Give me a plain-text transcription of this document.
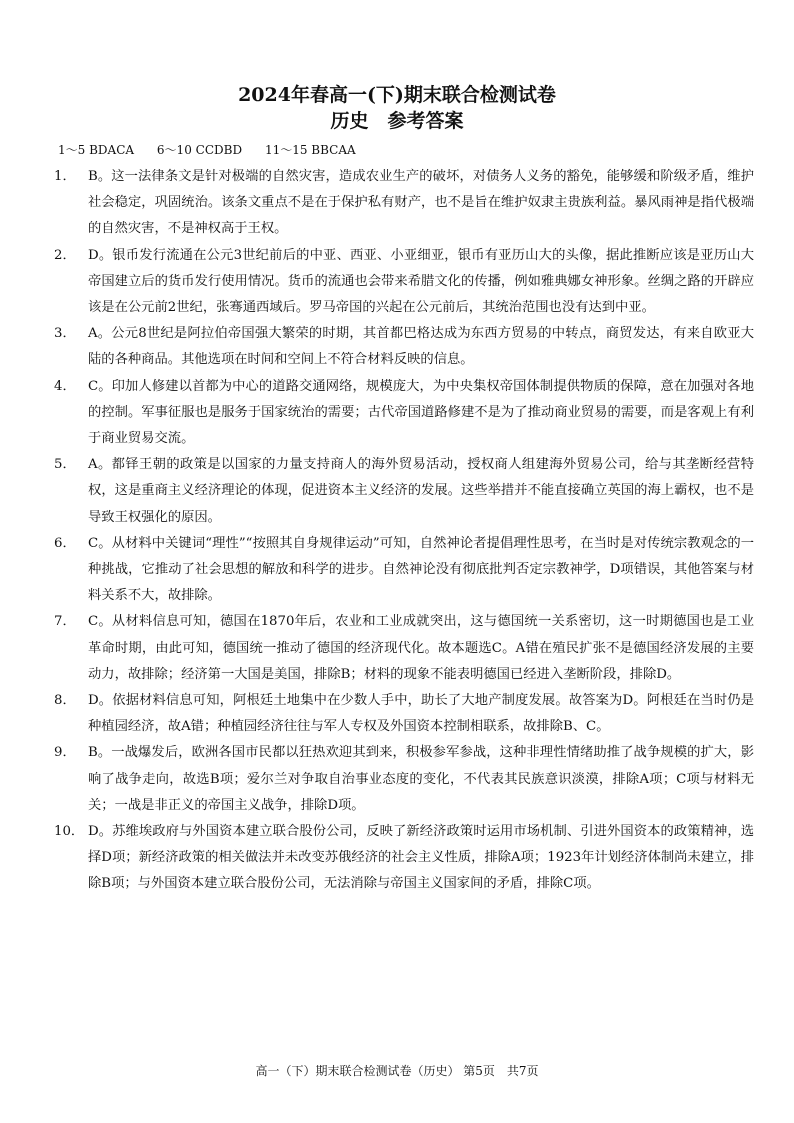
2024年春高一(下)期末联合检测试卷
历史　参考答案
1～5 BDACA      6～10 CCDBD      11～15 BBCAA
1． B。这一法律条文是针对极端的自然灾害，造成农业生产的破坏，对债务人义务的豁免，能够缓和阶级矛盾，维护社会稳定，巩固统治。该条文重点不是在于保护私有财产，也不是旨在维护奴隶主贵族利益。暴风雨神是指代极端的自然灾害，不是神权高于王权。
2． D。银币发行流通在公元3世纪前后的中亚、西亚、小亚细亚，银币有亚历山大的头像，据此推断应该是亚历山大帝国建立后的货币发行使用情况。货币的流通也会带来希腊文化的传播，例如雅典娜女神形象。丝绸之路的开辟应该是在公元前2世纪，张骞通西域后。罗马帝国的兴起在公元前后，其统治范围也没有达到中亚。
3． A。公元8世纪是阿拉伯帝国强大繁荣的时期，其首都巴格达成为东西方贸易的中转点，商贸发达，有来自欧亚大陆的各种商品。其他选项在时间和空间上不符合材料反映的信息。
4． C。印加人修建以首都为中心的道路交通网络，规模庞大，为中央集权帝国体制提供物质的保障，意在加强对各地的控制。军事征服也是服务于国家统治的需要；古代帝国道路修建不是为了推动商业贸易的需要，而是客观上有利于商业贸易交流。
5． A。都铎王朝的政策是以国家的力量支持商人的海外贸易活动，授权商人组建海外贸易公司，给与其垄断经营特权，这是重商主义经济理论的体现，促进资本主义经济的发展。这些举措并不能直接确立英国的海上霸权，也不是导致王权强化的原因。
6． C。从材料中关键词“理性”“按照其自身规律运动”可知，自然神论者提倡理性思考，在当时是对传统宗教观念的一种挑战，它推动了社会思想的解放和科学的进步。自然神论没有彻底批判否定宗教神学，D项错误，其他答案与材料关系不大，故排除。
7． C。从材料信息可知，德国在1870年后，农业和工业成就突出，这与德国统一关系密切，这一时期德国也是工业革命时期，由此可知，德国统一推动了德国的经济现代化。故本题选C。A错在殖民扩张不是德国经济发展的主要动力，故排除；经济第一大国是美国，排除B；材料的现象不能表明德国已经进入垄断阶段，排除D。
8． D。依据材料信息可知，阿根廷土地集中在少数人手中，助长了大地产制度发展。故答案为D。阿根廷在当时仍是种植园经济，故A错；种植园经济往往与军人专权及外国资本控制相联系，故排除B、C。
9． B。一战爆发后，欧洲各国市民都以狂热欢迎其到来，积极参军参战，这种非理性情绪助推了战争规模的扩大，影响了战争走向，故选B项；爱尔兰对争取自治事业态度的变化，不代表其民族意识淡漠，排除A项；C项与材料无关；一战是非正义的帝国主义战争，排除D项。
10． D。苏维埃政府与外国资本建立联合股份公司，反映了新经济政策时运用市场机制、引进外国资本的政策精神，选择D项；新经济政策的相关做法并未改变苏俄经济的社会主义性质，排除A项；1923年计划经济体制尚未建立，排除B项；与外国资本建立联合股份公司，无法消除与帝国主义国家间的矛盾，排除C项。
高一（下）期末联合检测试卷（历史） 第5页　共7页
